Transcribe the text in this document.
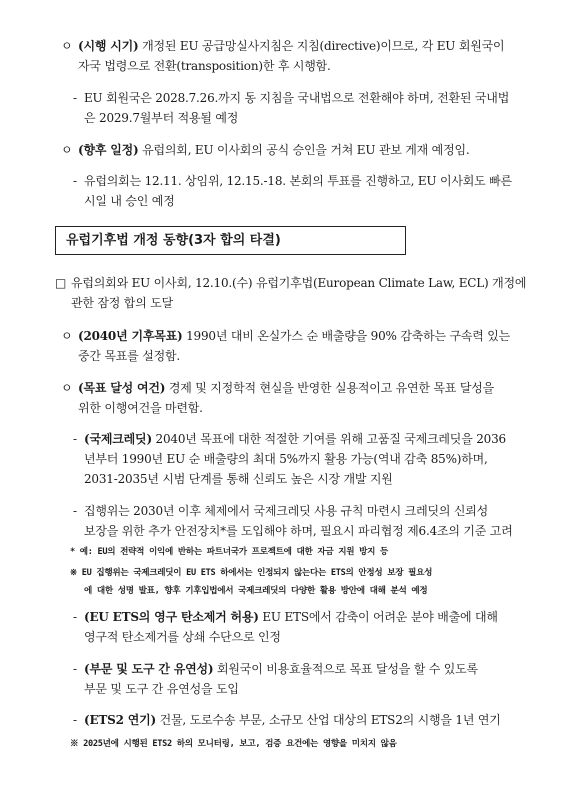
ㅇ (시행 시기) 개정된 EU 공급망실사지침은 지침(directive)이므로, 각 EU 회원국이
자국 법령으로 전환(transposition)한 후 시행함.
- EU 회원국은 2028.7.26.까지 동 지침을 국내법으로 전환해야 하며, 전환된 국내법
은 2029.7월부터 적용될 예정
ㅇ (향후 일정) 유럽의회, EU 이사회의 공식 승인을 거쳐 EU 관보 게재 예정임.
- 유럽의회는 12.11. 상임위, 12.15.-18. 본회의 투표를 진행하고, EU 이사회도 빠른
시일 내 승인 예정
유럽기후법 개정 동향(3자 합의 타결)
□ 유럽의회와 EU 이사회, 12.10.(수) 유럽기후법(European Climate Law, ECL) 개정에
관한 잠정 합의 도달
ㅇ (2040년 기후목표) 1990년 대비 온실가스 순 배출량을 90% 감축하는 구속력 있는
중간 목표를 설정함.
ㅇ (목표 달성 여건) 경제 및 지정학적 현실을 반영한 실용적이고 유연한 목표 달성을
위한 이행여건을 마련함.
- (국제크레딧) 2040년 목표에 대한 적절한 기여를 위해 고품질 국제크레딧을 2036
년부터 1990년 EU 순 배출량의 최대 5%까지 활용 가능(역내 감축 85%)하며,
2031-2035년 시범 단계를 통해 신뢰도 높은 시장 개발 지원
- 집행위는 2030년 이후 체제에서 국제크레딧 사용 규칙 마련시 크레딧의 신뢰성
보장을 위한 추가 안전장치*를 도입해야 하며, 필요시 파리협정 제6.4조의 기준 고려
* 예: EU의 전략적 이익에 반하는 파트너국가 프로젝트에 대한 자금 지원 방지 등
※ EU 집행위는 국제크레딧이 EU ETS 하에서는 인정되지 않는다는 ETS의 안정성 보장 필요성
에 대한 성명 발표, 향후 기후입법에서 국제크레딧의 다양한 활용 방안에 대해 분석 예정
- (EU ETS의 영구 탄소제거 허용) EU ETS에서 감축이 어려운 분야 배출에 대해
영구적 탄소제거를 상쇄 수단으로 인정
- (부문 및 도구 간 유연성) 회원국이 비용효율적으로 목표 달성을 할 수 있도록
부문 및 도구 간 유연성을 도입
- (ETS2 연기) 건물, 도로수송 부문, 소규모 산업 대상의 ETS2의 시행을 1년 연기
※ 2025년에 시행된 ETS2 하의 모니터링, 보고, 검증 요건에는 영향을 미치지 않음
